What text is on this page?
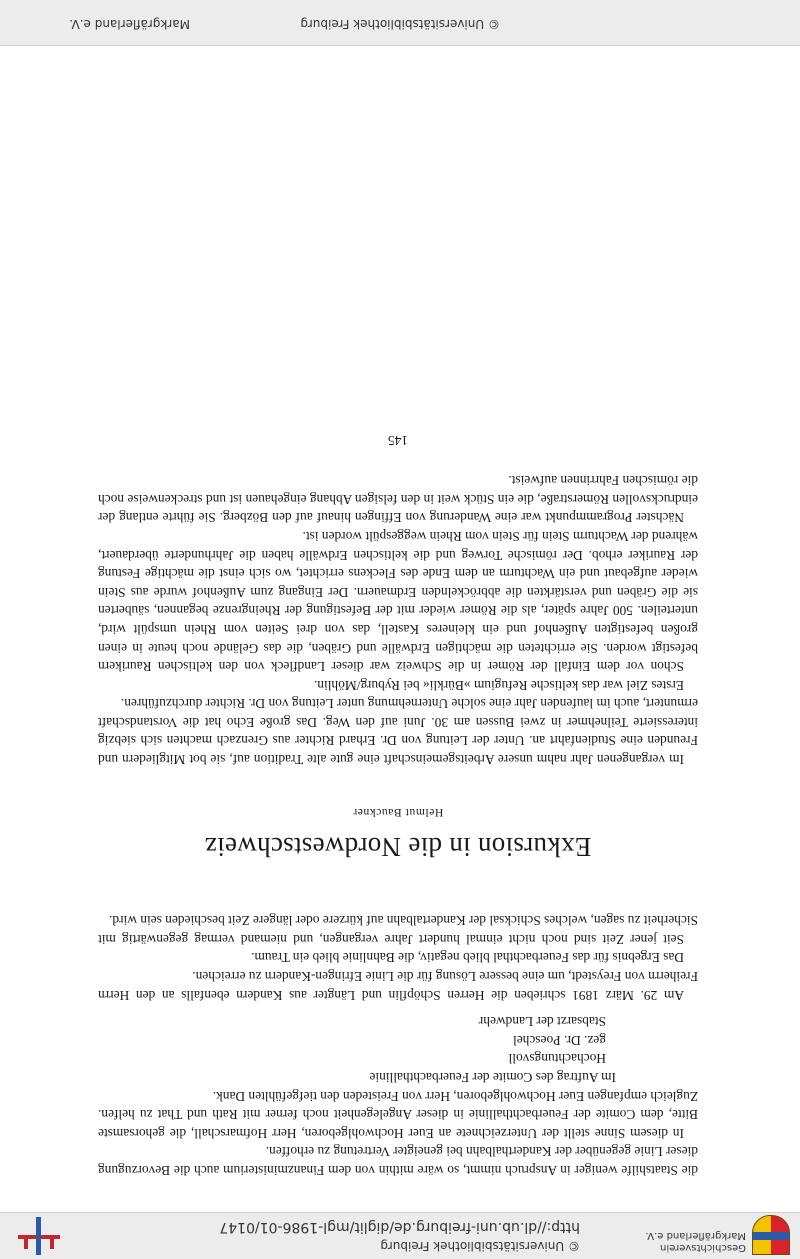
Geschichtsverein
Markgräflerland e.V.
© Universitätsbibliothek Freiburg
http://dl.ub.uni-freiburg.de/diglit/mgl-1986-01/0147

die Staatshilfe weniger in Anspruch nimmt, so wäre mithin von dem Finanzministerium auch die Bevorzugung dieser Linie gegenüber der Kanderthalbahn bei geneigter Vertretung zu erhoffen.

In diesem Sinne stellt der Unterzeichnete an Euer Hochwohlgeboren, Herr Hofmarschall, die gehorsamste Bitte, dem Comite der Feuerbachthallinie in dieser Angelegenheit noch ferner mit Rath und That zu helfen. Zugleich empfangen Euer Hochwohlgeboren, Herr von Freisteden den tiefgefühlten Dank.

Im Auftrag des Comite der Feuerbachthallinie

Hochachtungsvoll

gez. Dr. Poeschel

Stabsarzt der Landwehr

Am 29. März 1891 schrieben die Herren Schöpflin und Längter aus Kandern ebenfalls an den Herrn Freiherrn von Freystedt, um eine bessere Lösung für die Linie Efringen-Kandern zu erreichen.

Das Ergebnis für das Feuerbachthal blieb negativ, die Bahnlinie blieb ein Traum.

Seit jener Zeit sind noch nicht einmal hundert Jahre vergangen, und niemand vermag gegenwärtig mit Sicherheit zu sagen, welches Schicksal der Kandertalbahn auf kürzere oder längere Zeit beschieden sein wird.

Exkursion in die Nordwestschweiz
Helmut Bauckner

Im vergangenen Jahr nahm unsere Arbeitsgemeinschaft eine gute alte Tradition auf, sie bot Mitgliedern und Freunden eine Studienfahrt an. Unter der Leitung von Dr. Erhard Richter aus Grenzach machten sich siebzig interessierte Teilnehmer in zwei Bussen am 30. Juni auf den Weg. Das große Echo hat die Vorstandschaft ermuntert, auch im laufenden Jahr eine solche Unternehmung unter Leitung von Dr. Richter durchzuführen.

Erstes Ziel war das keltische Refugium »Bürkli« bei Ryburg/Möhlin.

Schon vor dem Einfall der Römer in die Schweiz war dieser Landfleck von den keltischen Raurikern befestigt worden. Sie errichteten die mächtigen Erdwälle und Gräben, die das Gelände noch heute in einen großen befestigten Außenhof und ein kleineres Kastell, das von drei Seiten vom Rhein umspült wird, unterteilen. 500 Jahre später, als die Römer wieder mit der Befestigung der Rheingrenze begannen, säuberten sie die Gräben und verstärkten die abbröckelnden Erdmauern. Der Eingang zum Außenhof wurde aus Stein wieder aufgebaut und ein Wachturm an dem Ende des Fleckens errichtet, wo sich einst die mächtige Festung der Rauriker erhob. Der römische Torweg und die keltischen Erdwälle haben die Jahrhunderte überdauert, während der Wachturm Stein für Stein vom Rhein weggespült worden ist.

Nächster Programmpunkt war eine Wanderung von Effingen hinauf auf den Bözberg. Sie führte entlang der eindrucksvollen Römerstraße, die ein Stück weit in den felsigen Abhang eingehauen ist und streckenweise noch die römischen Fahrrinnen aufweist.

145
© Universitätsbibliothek Freiburg
Markgräflerland e.V.
